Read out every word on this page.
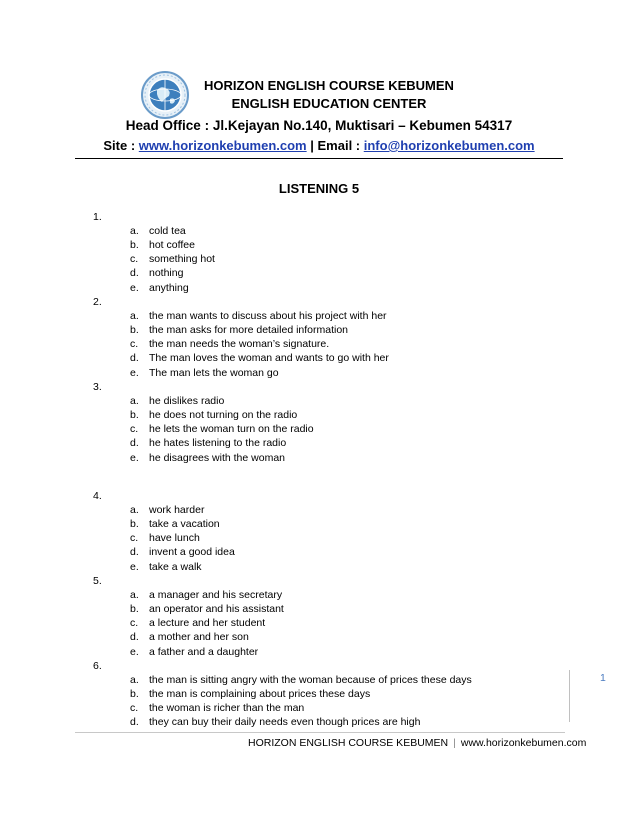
HORIZON ENGLISH COURSE KEBUMEN
ENGLISH EDUCATION CENTER
Head Office : Jl.Kejayan No.140, Muktisari – Kebumen 54317
Site : www.horizonkebumen.com | Email : info@horizonkebumen.com
LISTENING 5
1.
a. cold tea
b. hot coffee
c. something hot
d. nothing
e. anything
2.
a. the man wants to discuss about his project with her
b. the man asks for more detailed information
c. the man needs the woman’s signature.
d. The man loves the woman and wants to go with her
e. The man lets the woman go
3.
a. he dislikes radio
b. he does not turning on the radio
c. he lets the woman turn on the radio
d. he hates listening to the radio
e. he disagrees with the woman
4.
a. work harder
b. take a vacation
c. have lunch
d. invent a good idea
e. take a walk
5.
a. a manager and his secretary
b. an operator and his assistant
c. a lecture and her student
d. a mother and her son
e. a father and a daughter
6.
a. the man is sitting angry with the woman because of prices these days
b. the man is complaining about prices these days
c. the woman is richer than the man
d. they can buy their daily needs even though prices are high
1
HORIZON ENGLISH COURSE KEBUMEN | www.horizonkebumen.com
